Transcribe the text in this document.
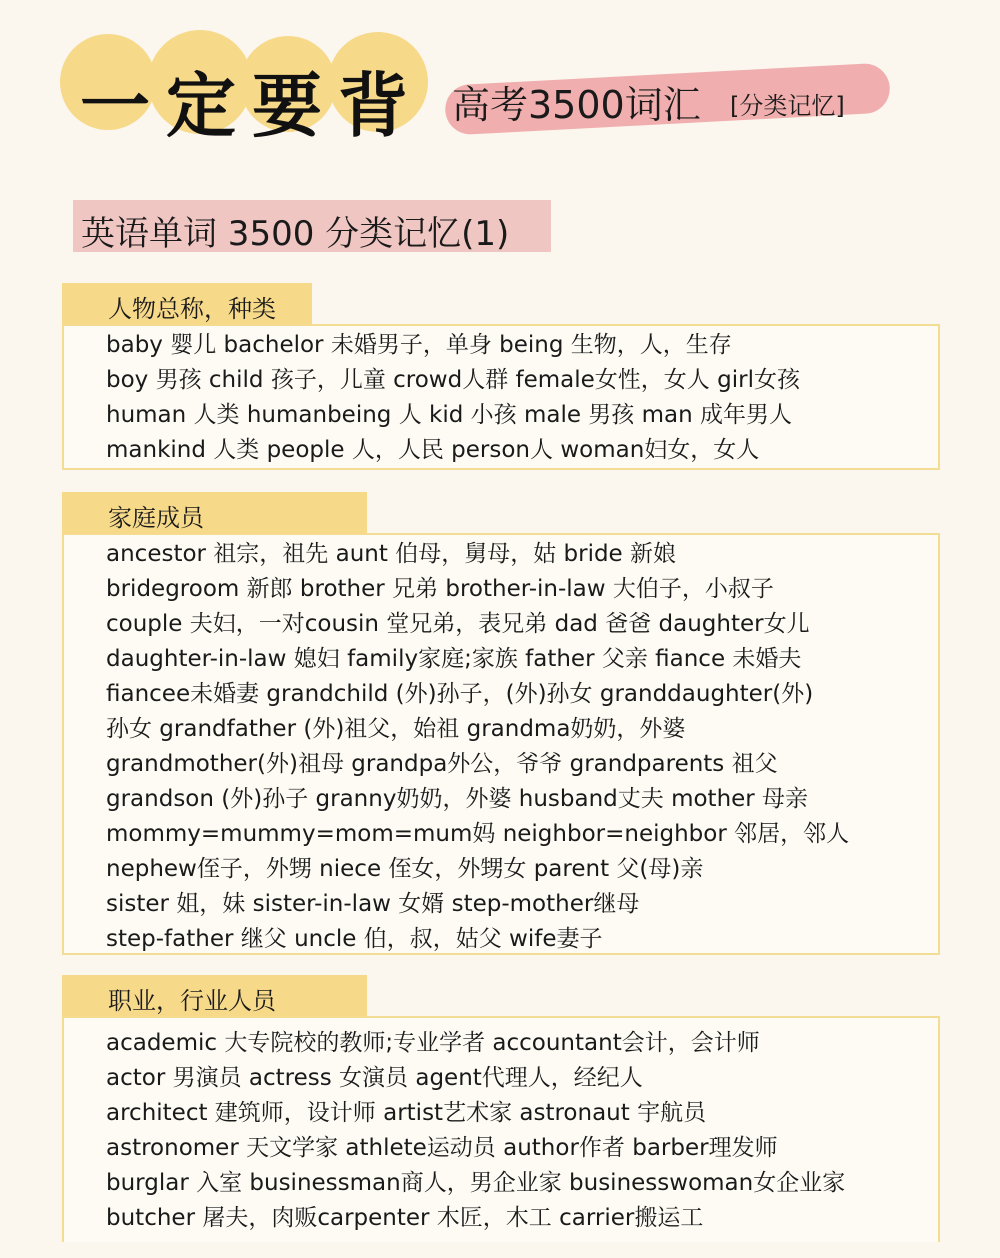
一定要背 高考3500词汇 [分类记忆]
英语单词 3500 分类记忆(1)
人物总称，种类
baby 婴儿 bachelor 未婚男子，单身 being 生物，人，生存
boy 男孩 child 孩子，儿童 crowd人群 female女性，女人 girl女孩
human 人类 humanbeing 人 kid 小孩 male 男孩 man 成年男人
mankind 人类 people 人，人民 person人 woman妇女，女人
家庭成员
ancestor 祖宗，祖先 aunt 伯母，舅母，姑 bride 新娘
bridegroom 新郎 brother 兄弟 brother-in-law 大伯子，小叔子
couple 夫妇，一对cousin 堂兄弟，表兄弟 dad 爸爸 daughter女儿
daughter-in-law 媳妇 family家庭;家族 father 父亲 fiance 未婚夫
fiancee未婚妻 grandchild (外)孙子，(外)孙女 granddaughter(外)
孙女 grandfather (外)祖父，始祖 grandma奶奶，外婆
grandmother(外)祖母 grandpa外公，爷爷 grandparents 祖父
grandson (外)孙子 granny奶奶，外婆 husband丈夫 mother 母亲
mommy=mummy=mom=mum妈 neighbor=neighbor 邻居，邻人
nephew侄子，外甥 niece 侄女，外甥女 parent 父(母)亲
sister 姐，妹 sister-in-law 女婿 step-mother继母
step-father 继父 uncle 伯，叔，姑父 wife妻子
职业，行业人员
academic 大专院校的教师;专业学者 accountant会计，会计师
actor 男演员 actress 女演员 agent代理人，经纪人
architect 建筑师，设计师 artist艺术家 astronaut 宇航员
astronomer 天文学家 athlete运动员 author作者 barber理发师
burglar 入室 businessman商人，男企业家 businesswoman女企业家
butcher 屠夫，肉贩carpenter 木匠，木工 carrier搬运工
